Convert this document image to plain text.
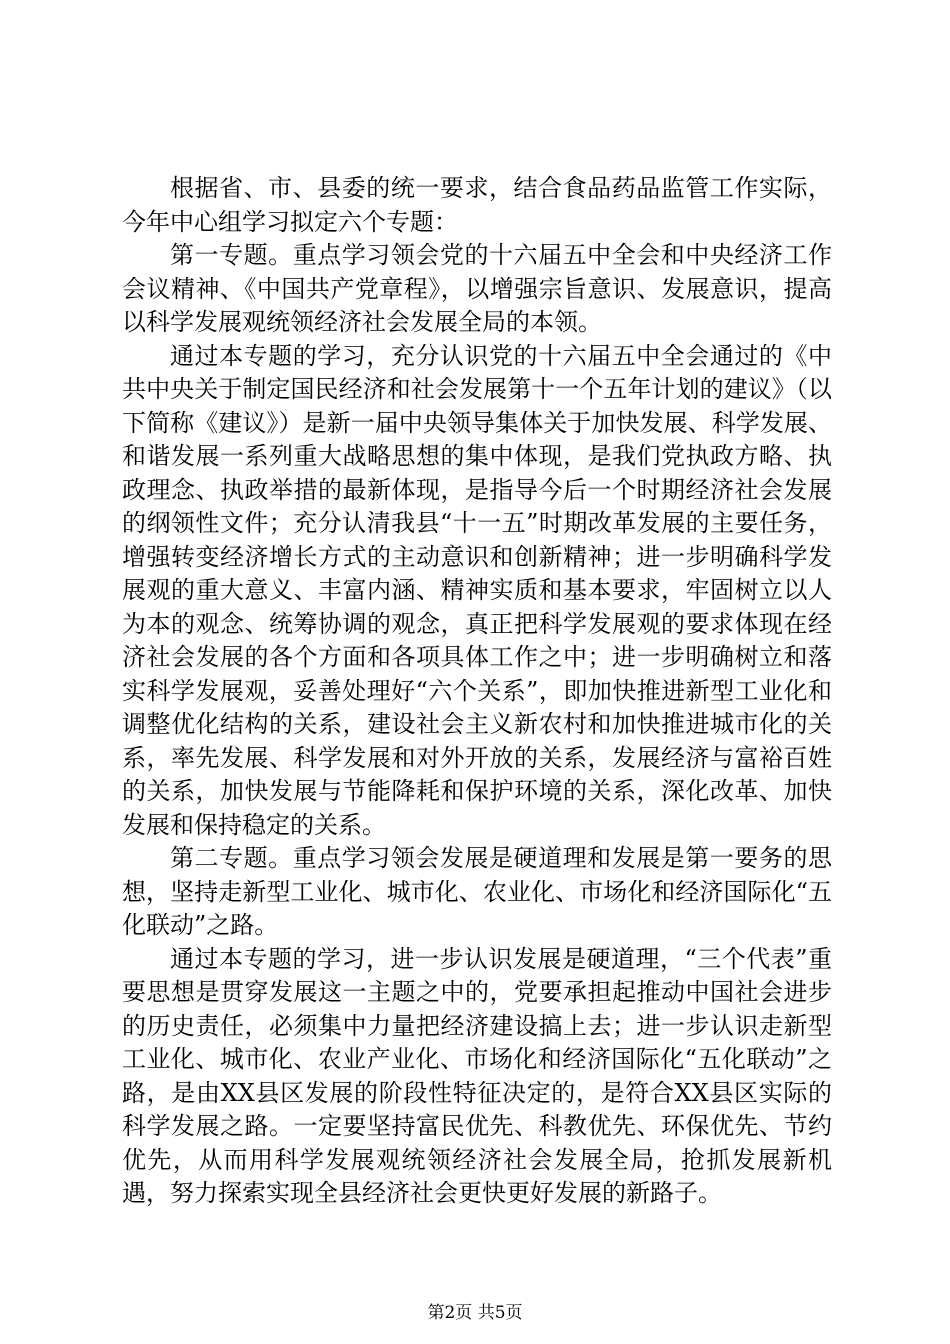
根据省、市、县委的统一要求，结合食品药品监管工作实际，今年中心组学习拟定六个专题：

第一专题。重点学习领会党的十六届五中全会和中央经济工作会议精神、《中国共产党章程》，以增强宗旨意识、发展意识，提高以科学发展观统领经济社会发展全局的本领。

通过本专题的学习，充分认识党的十六届五中全会通过的《中共中央关于制定国民经济和社会发展第十一个五年计划的建议》（以下简称《建议》）是新一届中央领导集体关于加快发展、科学发展、和谐发展一系列重大战略思想的集中体现，是我们党执政方略、执政理念、执政举措的最新体现，是指导今后一个时期经济社会发展的纲领性文件；充分认清我县“十一五”时期改革发展的主要任务，增强转变经济增长方式的主动意识和创新精神；进一步明确科学发展观的重大意义、丰富内涵、精神实质和基本要求，牢固树立以人为本的观念、统筹协调的观念，真正把科学发展观的要求体现在经济社会发展的各个方面和各项具体工作之中；进一步明确树立和落实科学发展观，妥善处理好“六个关系”，即加快推进新型工业化和调整优化结构的关系，建设社会主义新农村和加快推进城市化的关系，率先发展、科学发展和对外开放的关系，发展经济与富裕百姓的关系，加快发展与节能降耗和保护环境的关系，深化改革、加快发展和保持稳定的关系。

第二专题。重点学习领会发展是硬道理和发展是第一要务的思想，坚持走新型工业化、城市化、农业化、市场化和经济国际化“五化联动”之路。

通过本专题的学习，进一步认识发展是硬道理，“三个代表”重要思想是贯穿发展这一主题之中的，党要承担起推动中国社会进步的历史责任，必须集中力量把经济建设搞上去；进一步认识走新型工业化、城市化、农业产业化、市场化和经济国际化“五化联动”之路，是由XX县区发展的阶段性特征决定的，是符合XX县区实际的科学发展之路。一定要坚持富民优先、科教优先、环保优先、节约优先，从而用科学发展观统领经济社会发展全局，抢抓发展新机遇，努力探索实现全县经济社会更快更好发展的新路子。

第2页 共5页
